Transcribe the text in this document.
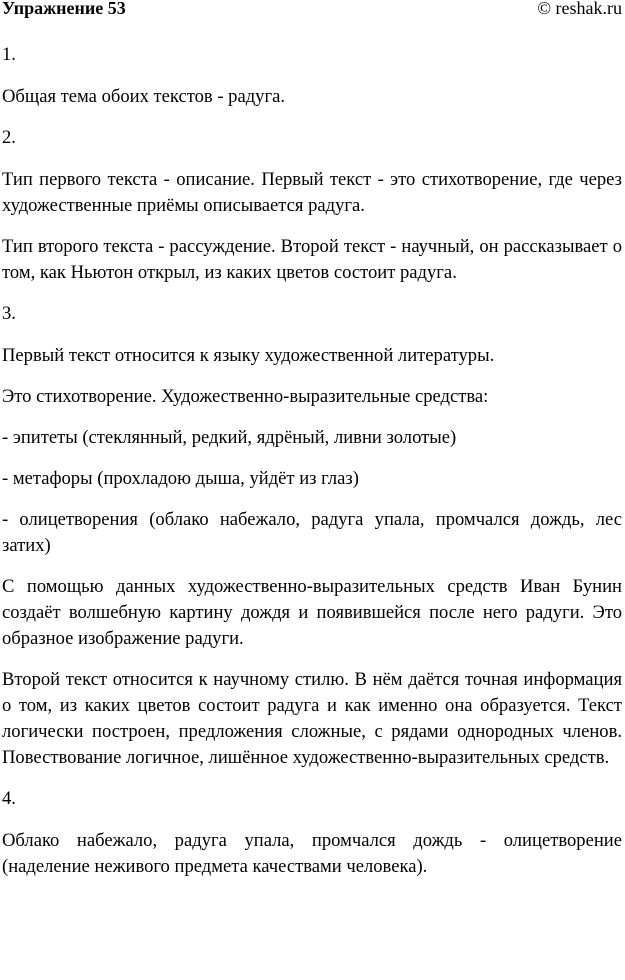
Упражнение 53	© reshak.ru

1.

Общая тема обоих текстов - радуга.

2.

Тип первого текста - описание. Первый текст - это стихотворение, где через художественные приёмы описывается радуга.

Тип второго текста - рассуждение. Второй текст - научный, он рассказывает о том, как Ньютон открыл, из каких цветов состоит радуга.

3.

Первый текст относится к языку художественной литературы.

Это стихотворение. Художественно-выразительные средства:

- эпитеты (стеклянный, редкий, ядрёный, ливни золотые)

- метафоры (прохладою дыша, уйдёт из глаз)

- олицетворения (облако набежало, радуга упала, промчался дождь, лес затих)

С помощью данных художественно-выразительных средств Иван Бунин создаёт волшебную картину дождя и появившейся после него радуги. Это образное изображение радуги.

Второй текст относится к научному стилю. В нём даётся точная информация о том, из каких цветов состоит радуга и как именно она образуется. Текст логически построен, предложения сложные, с рядами однородных членов. Повествование логичное, лишённое художественно-выразительных средств.

4.

Облако набежало, радуга упала, промчался дождь - олицетворение (наделение неживого предмета качествами человека).
